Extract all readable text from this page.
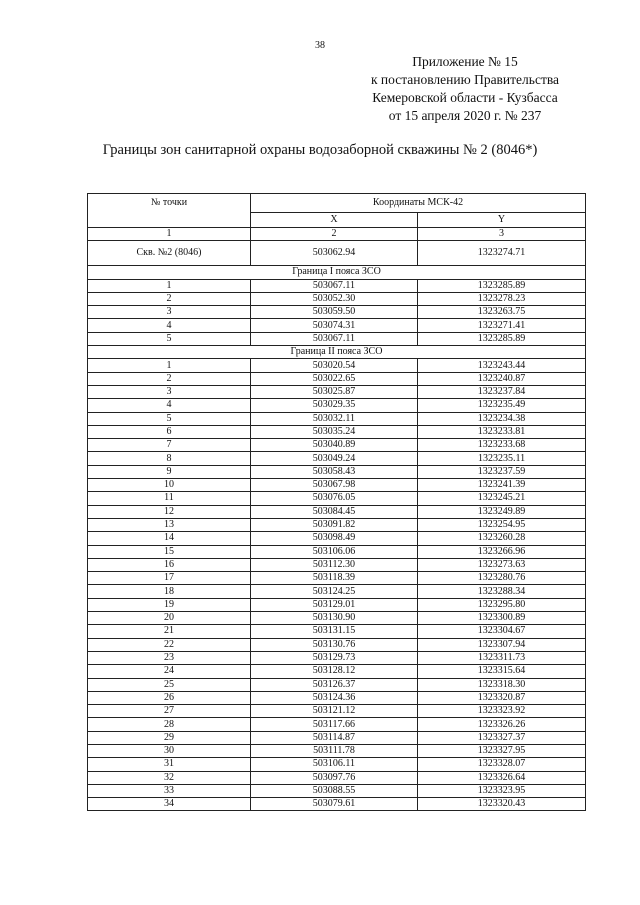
38
Приложение № 15
к постановлению Правительства
Кемеровской области - Кузбасса
от 15 апреля 2020 г. № 237
Границы зон санитарной охраны водозаборной скважины № 2 (8046*)
№ точки	Координаты МСК-42	
	X	Y
1	2	3
Скв. №2 (8046)	503062.94	1323274.71
Граница I пояса ЗСО		
1	503067.11	1323285.89
2	503052.30	1323278.23
3	503059.50	1323263.75
4	503074.31	1323271.41
5	503067.11	1323285.89
Граница II пояса ЗСО		
1	503020.54	1323243.44
2	503022.65	1323240.87
3	503025.87	1323237.84
4	503029.35	1323235.49
5	503032.11	1323234.38
6	503035.24	1323233.81
7	503040.89	1323233.68
8	503049.24	1323235.11
9	503058.43	1323237.59
10	503067.98	1323241.39
11	503076.05	1323245.21
12	503084.45	1323249.89
13	503091.82	1323254.95
14	503098.49	1323260.28
15	503106.06	1323266.96
16	503112.30	1323273.63
17	503118.39	1323280.76
18	503124.25	1323288.34
19	503129.01	1323295.80
20	503130.90	1323300.89
21	503131.15	1323304.67
22	503130.76	1323307.94
23	503129.73	1323311.73
24	503128.12	1323315.64
25	503126.37	1323318.30
26	503124.36	1323320.87
27	503121.12	1323323.92
28	503117.66	1323326.26
29	503114.87	1323327.37
30	503111.78	1323327.95
31	503106.11	1323328.07
32	503097.76	1323326.64
33	503088.55	1323323.95
34	503079.61	1323320.43
